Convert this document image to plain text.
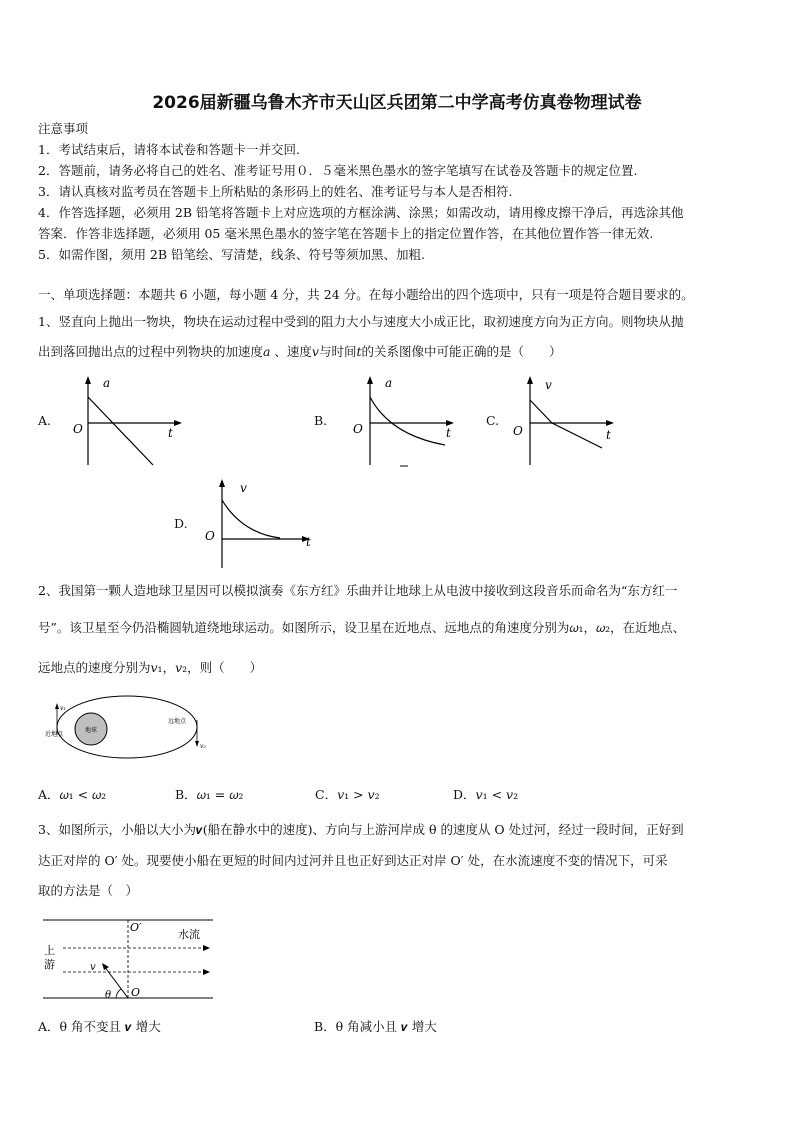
2026届新疆乌鲁木齐市天山区兵团第二中学高考仿真卷物理试卷
注意事项
1．考试结束后，请将本试卷和答题卡一并交回.
2．答题前，请务必将自己的姓名、准考证号用０．５毫米黑色墨水的签字笔填写在试卷及答题卡的规定位置.
3．请认真核对监考员在答题卡上所粘贴的条形码上的姓名、准考证号与本人是否相符.
4．作答选择题，必须用 2B 铅笔将答题卡上对应选项的方框涂满、涂黑；如需改动，请用橡皮擦干净后，再选涂其他
答案．作答非选择题，必须用 05 毫米黑色墨水的签字笔在答题卡上的指定位置作答，在其他位置作答一律无效.
5．如需作图，须用 2B 铅笔绘、写清楚，线条、符号等须加黑、加粗.
一、单项选择题：本题共 6 小题，每小题 4 分，共 24 分。在每小题给出的四个选项中，只有一项是符合题目要求的。
1、竖直向上抛出一物块，物块在运动过程中受到的阻力大小与速度大小成正比，取初速度方向为正方向。则物块从抛
出到落回抛出点的过程中列物块的加速度𝑎 、速度𝑣与时间𝑡的关系图像中可能正确的是（　　）
A.
a
t
O
B.
a
t
O
C.
v
t
O
D.
v
t
O
2、我国第一颗人造地球卫星因可以模拟演奏《东方红》乐曲并让地球上从电波中接收到这段音乐而命名为“东方红一
号”。该卫星至今仍沿椭圆轨道绕地球运动。如图所示，设卫星在近地点、远地点的角速度分别为𝜔₁，𝜔₂，在近地点、
远地点的速度分别为𝑣₁，𝑣₂，则（　　）
地球
v₁
v₂
近地点
远地点
A．𝜔₁ < 𝜔₂	B．𝜔₁ = 𝜔₂	C．𝑣₁ > 𝑣₂	D．𝑣₁ < 𝑣₂
3、如图所示，小船以大小为𝒗(船在静水中的速度)、方向与上游河岸成 θ 的速度从 O 处过河，经过一段时间，正好到
达正对岸的 O′ 处。现要使小船在更短的时间内过河并且也正好到达正对岸 O′ 处，在水流速度不变的情况下，可采
取的方法是（　）
O′
水流
上
游	v
θ O
A．θ 角不变且 𝒗 增大	B．θ 角减小且 𝒗 增大
